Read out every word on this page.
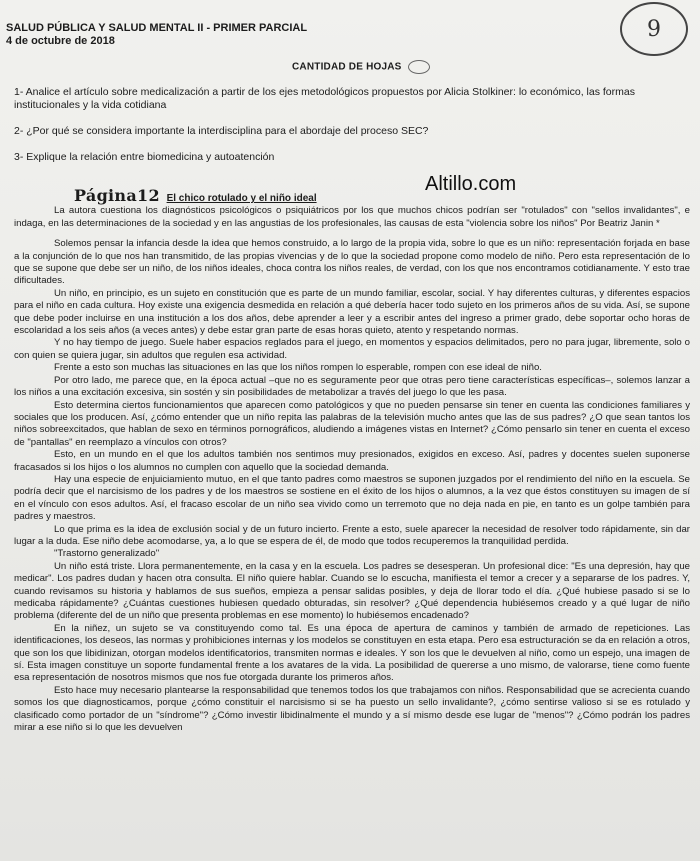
SALUD PÚBLICA Y SALUD MENTAL II - PRIMER PARCIAL
4 de octubre de 2018	9
CANTIDAD DE HOJAS

1- Analice el artículo sobre medicalización a partir de los ejes metodológicos propuestos por Alicia Stolkiner: lo económico, las formas institucionales y la vida cotidiana

2- ¿Por qué se considera importante la interdisciplina para el abordaje del proceso SEC?

3- Explique la relación entre biomedicina y autoatención

Altillo.com
Página12 El chico rotulado y el niño ideal

La autora cuestiona los diagnósticos psicológicos o psiquiátricos por los que muchos chicos podrían ser "rotulados" con "sellos invalidantes", e indaga, en las determinaciones de la sociedad y en las angustias de los profesionales, las causas de esta "violencia sobre los niños" Por Beatriz Janin *

Solemos pensar la infancia desde la idea que hemos construido, a lo largo de la propia vida, sobre lo que es un niño: representación forjada en base a la conjunción de lo que nos han transmitido, de las propias vivencias y de lo que la sociedad propone como modelo de niño. Pero esta representación de lo que se supone que debe ser un niño, de los niños ideales, choca contra los niños reales, de verdad, con los que nos encontramos cotidianamente. Y esto trae dificultades.

Un niño, en principio, es un sujeto en constitución que es parte de un mundo familiar, escolar, social. Y hay diferentes culturas, y diferentes espacios para el niño en cada cultura. Hoy existe una exigencia desmedida en relación a qué debería hacer todo sujeto en los primeros años de su vida. Así, se supone que debe poder incluirse en una institución a los dos años, debe aprender a leer y a escribir antes del ingreso a primer grado, debe soportar ocho horas de escolaridad a los seis años (a veces antes) y debe estar gran parte de esas horas quieto, atento y respetando normas.

Y no hay tiempo de juego. Suele haber espacios reglados para el juego, en momentos y espacios delimitados, pero no para jugar, libremente, solo o con quien se quiera jugar, sin adultos que regulen esa actividad.

Frente a esto son muchas las situaciones en las que los niños rompen lo esperable, rompen con ese ideal de niño.

Por otro lado, me parece que, en la época actual –que no es seguramente peor que otras pero tiene características específicas–, solemos lanzar a los niños a una excitación excesiva, sin sostén y sin posibilidades de metabolizar a través del juego lo que les pasa.

Esto determina ciertos funcionamientos que aparecen como patológicos y que no pueden pensarse sin tener en cuenta las condiciones familiares y sociales que los producen. Así, ¿cómo entender que un niño repita las palabras de la televisión mucho antes que las de sus padres? ¿O que sean tantos los niños sobreexcitados, que hablan de sexo en términos pornográficos, aludiendo a imágenes vistas en Internet? ¿Cómo pensarlo sin tener en cuenta el exceso de "pantallas" en reemplazo a vínculos con otros?

Esto, en un mundo en el que los adultos también nos sentimos muy presionados, exigidos en exceso. Así, padres y docentes suelen suponerse fracasados si los hijos o los alumnos no cumplen con aquello que la sociedad demanda.

Hay una especie de enjuiciamiento mutuo, en el que tanto padres como maestros se suponen juzgados por el rendimiento del niño en la escuela. Se podría decir que el narcisismo de los padres y de los maestros se sostiene en el éxito de los hijos o alumnos, a la vez que éstos constituyen su imagen de sí en el vínculo con esos adultos. Así, el fracaso escolar de un niño sea vivido como un terremoto que no deja nada en pie, en tanto es un golpe también para padres y maestros.

Lo que prima es la idea de exclusión social y de un futuro incierto. Frente a esto, suele aparecer la necesidad de resolver todo rápidamente, sin dar lugar a la duda. Ese niño debe acomodarse, ya, a lo que se espera de él, de modo que todos recuperemos la tranquilidad perdida.

"Trastorno generalizado"

Un niño está triste. Llora permanentemente, en la casa y en la escuela. Los padres se desesperan. Un profesional dice: "Es una depresión, hay que medicar". Los padres dudan y hacen otra consulta. El niño quiere hablar. Cuando se lo escucha, manifiesta el temor a crecer y a separarse de los padres. Y, cuando revisamos su historia y hablamos de sus sueños, empieza a pensar salidas posibles, y deja de llorar todo el día. ¿Qué hubiese pasado si se lo medicaba rápidamente? ¿Cuántas cuestiones hubiesen quedado obturadas, sin resolver? ¿Qué dependencia hubiésemos creado y a qué lugar de niño problema (diferente del de un niño que presenta problemas en ese momento) lo hubiésemos encadenado?

En la niñez, un sujeto se va constituyendo como tal. Es una época de apertura de caminos y también de armado de repeticiones. Las identificaciones, los deseos, las normas y prohibiciones internas y los modelos se constituyen en esta etapa. Pero esa estructuración se da en relación a otros, que son los que libidinizan, otorgan modelos identificatorios, transmiten normas e ideales. Y son los que le devuelven al niño, como un espejo, una imagen de sí. Esta imagen constituye un soporte fundamental frente a los avatares de la vida. La posibilidad de quererse a uno mismo, de valorarse, tiene como fuente esa representación de nosotros mismos que nos fue otorgada durante los primeros años.

Esto hace muy necesario plantearse la responsabilidad que tenemos todos los que trabajamos con niños. Responsabilidad que se acrecienta cuando somos los que diagnosticamos, porque ¿cómo constituir el narcisismo si se ha puesto un sello invalidante?, ¿cómo sentirse valioso si se es rotulado y clasificado como portador de un "síndrome"? ¿Cómo investir libidinalmente el mundo y a sí mismo desde ese lugar de "menos"? ¿Cómo podrán los padres mirar a ese niño si lo que les devuelven
